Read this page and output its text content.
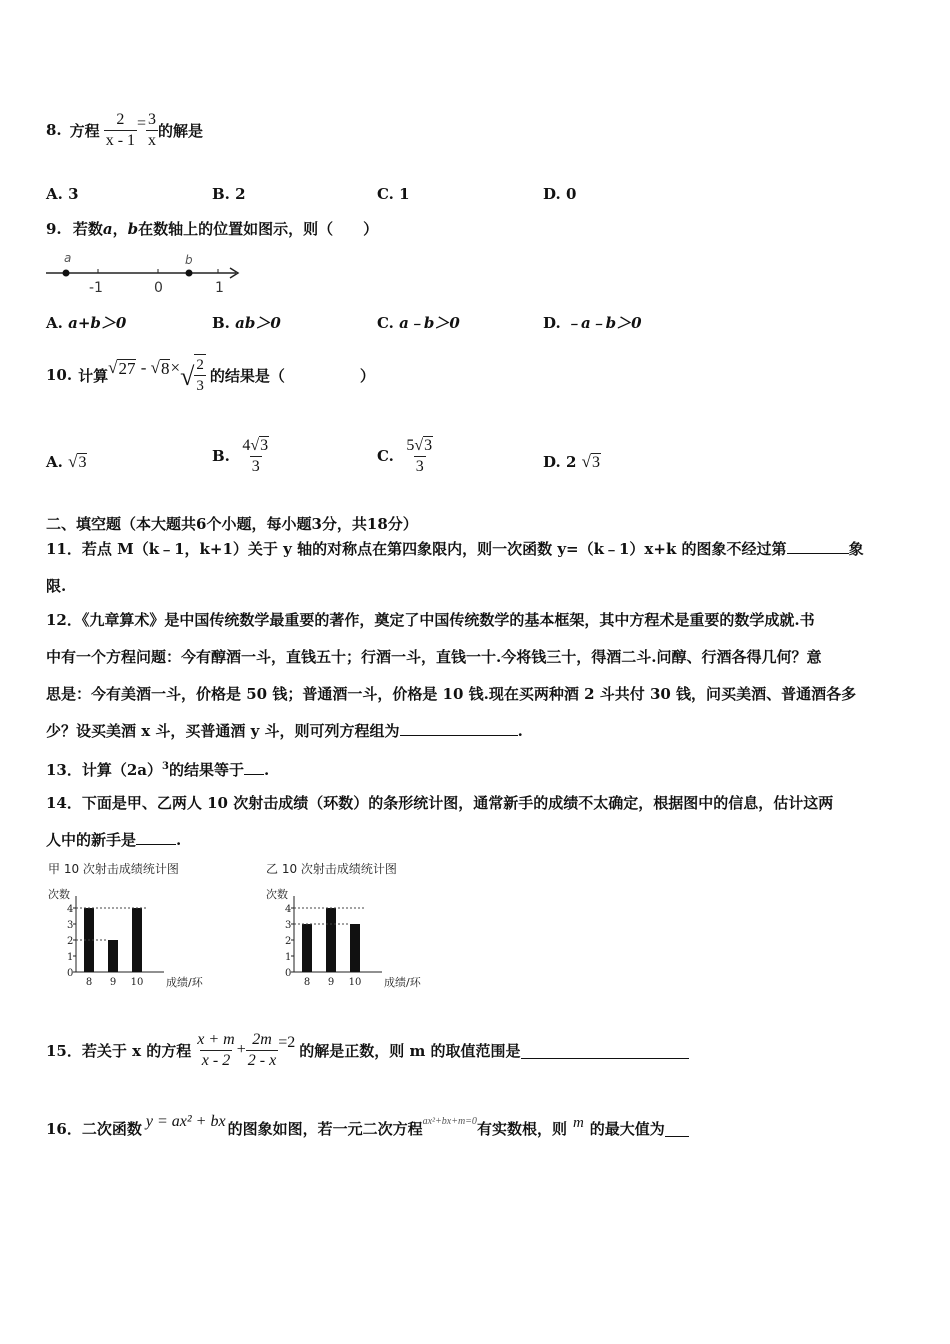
8. 方程 $\frac{2}{x - 1} = \frac{3}{x}$ 的解是
A. 3	B. 2	C. 1	D. 0
9. 若数a，b在数轴上的位置如图示，则（　　）
a	b
-1	0	1
A. a+b＞0	B. ab＞0	C. a﹣b＞0	D. ﹣a﹣b＞0
10. 计算 √ 27 - √ 8 × √ $\frac{2}{3}$ 的结果是（　　　　　）
A.
√ 3	B.
$\frac{4√3}{3}$	C.
$\frac{5√3}{3}$	D.
2
√ 3
二、填空题（本大题共6个小题，每小题3分，共18分）
11．若点 M（k﹣1，k+1）关于 y 轴的对称点在第四象限内，则一次函数 y=（k﹣1）x+k 的图象不经过第	象
限.
12．《九章算术》是中国传统数学最重要的著作，奠定了中国传统数学的基本框架，其中方程术是重要的数学成就.书
中有一个方程问题：今有醇酒一斗，直钱五十；行酒一斗，直钱一十.今将钱三十，得酒二斗.问醇、行酒各得几何？意
思是：今有美酒一斗，价格是 50 钱；普通酒一斗，价格是 10 钱.现在买两种酒 2 斗共付 30 钱，问买美酒、普通酒各多
少？设买美酒 x 斗，买普通酒 y 斗，则可列方程组为	.
13．计算$(2a)^3$的结果等于 .
14．下面是甲、乙两人 10 次射击成绩（环数）的条形统计图，通常新手的成绩不太确定，根据图中的信息，估计这两
人中的新手是	.
甲 10 次射击成绩统计图
次数
0
1
2
3
4
8 9 10 成绩/环
乙 10 次射击成绩统计图
次数
0
1
2
3
4
8 9 10 成绩/环
15．若关于 x 的方程 $\frac{x + m}{x - 2} + \frac{2m}{2 - x} =2$ 的解是正数，则 m 的取值范围是
16．二次函数 y = ax² + bx 的图象如图，若一元二次方程 ax²+bx+m=0 有实数根，则 m 的最大值为
